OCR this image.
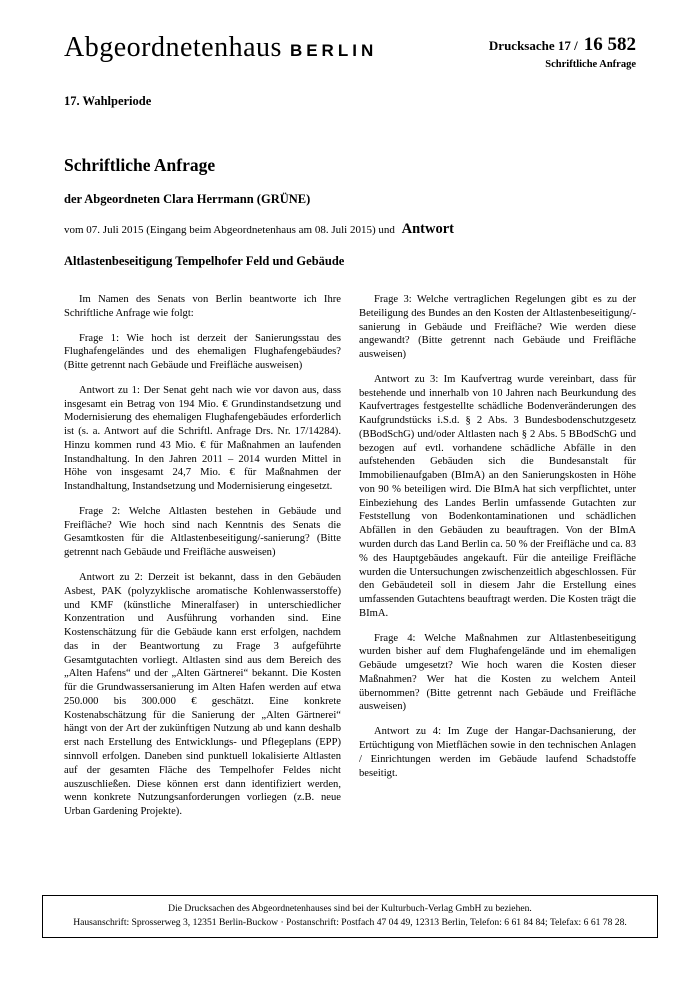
Abgeordnetenhaus BERLIN	Drucksache 17 / 16 582
Schriftliche Anfrage
17. Wahlperiode
Schriftliche Anfrage
der Abgeordneten Clara Herrmann (GRÜNE)
vom 07. Juli 2015 (Eingang beim Abgeordnetenhaus am 08. Juli 2015) und Antwort
Altlastenbeseitigung Tempelhofer Feld und Gebäude

Im Namen des Senats von Berlin beantworte ich Ihre Schriftliche Anfrage wie folgt:

Frage 1: Wie hoch ist derzeit der Sanierungsstau des Flughafengeländes und des ehemaligen Flughafengebäudes? (Bitte getrennt nach Gebäude und Freifläche ausweisen)

Antwort zu 1: Der Senat geht nach wie vor davon aus, dass insgesamt ein Betrag von 194 Mio. € Grundinstandsetzung und Modernisierung des ehemaligen Flughafengebäudes erforderlich ist (s. a. Antwort auf die Schriftl. Anfrage Drs. Nr. 17/14284). Hinzu kommen rund 43 Mio. € für Maßnahmen an laufenden Instandhaltung. In den Jahren 2011 – 2014 wurden Mittel in Höhe von insgesamt 24,7 Mio. € für Maßnahmen der Instandhaltung, Instandsetzung und Modernisierung eingesetzt.

Frage 2: Welche Altlasten bestehen in Gebäude und Freifläche? Wie hoch sind nach Kenntnis des Senats die Gesamtkosten für die Altlastenbeseitigung/-sanierung? (Bitte getrennt nach Gebäude und Freifläche ausweisen)

Antwort zu 2: Derzeit ist bekannt, dass in den Gebäuden Asbest, PAK (polyzyklische aromatische Kohlenwasserstoffe) und KMF (künstliche Mineralfaser) in unterschiedlicher Konzentration und Ausführung vorhanden sind. Eine Kostenschätzung für die Gebäude kann erst erfolgen, nachdem das in der Beantwortung zu Frage 3 aufgeführte Gesamtgutachten vorliegt. Altlasten sind aus dem Bereich des „Alten Hafens“ und der „Alten Gärtnerei“ bekannt. Die Kosten für die Grundwassersanierung im Alten Hafen werden auf etwa 250.000 bis 300.000 € geschätzt. Eine konkrete Kostenabschätzung für die Sanierung der „Alten Gärtnerei“ hängt von der Art der zukünftigen Nutzung ab und kann deshalb erst nach Erstellung des Entwicklungs- und Pflegeplans (EPP) sinnvoll erfolgen. Daneben sind punktuell lokalisierte Altlasten auf der gesamten Fläche des Tempelhofer Feldes nicht auszuschließen. Diese können erst dann identifiziert werden, wenn konkrete Nutzungsanforderungen vorliegen (z.B. neue Urban Gardening Projekte).

Frage 3: Welche vertraglichen Regelungen gibt es zu der Beteiligung des Bundes an den Kosten der Altlastenbeseitigung/-sanierung in Gebäude und Freifläche? Wie werden diese angewandt? (Bitte getrennt nach Gebäude und Freifläche ausweisen)

Antwort zu 3: Im Kaufvertrag wurde vereinbart, dass für bestehende und innerhalb von 10 Jahren nach Beurkundung des Kaufvertrages festgestellte schädliche Bodenveränderungen des Kaufgrundstücks i.S.d. § 2 Abs. 3 Bundesbodenschutzgesetz (BBodSchG) und/oder Altlasten nach § 2 Abs. 5 BBodSchG und bezogen auf evtl. vorhandene schädliche Abfälle in den aufstehenden Gebäuden sich die Bundesanstalt für Immobilienaufgaben (BImA) an den Sanierungskosten in Höhe von 90 % beteiligen wird. Die BImA hat sich verpflichtet, unter Einbeziehung des Landes Berlin umfassende Gutachten zur Feststellung von Bodenkontaminationen und schädlichen Abfällen in den Gebäuden zu beauftragen. Von der BImA wurden durch das Land Berlin ca. 50 % der Freifläche und ca. 83 % des Hauptgebäudes angekauft. Für die anteilige Freifläche wurden die Untersuchungen zwischenzeitlich abgeschlossen. Für den Gebäudeteil soll in diesem Jahr die Erstellung eines umfassenden Gutachtens beauftragt werden. Die Kosten trägt die BImA.

Frage 4: Welche Maßnahmen zur Altlastenbeseitigung wurden bisher auf dem Flughafengelände und im ehemaligen Gebäude umgesetzt? Wie hoch waren die Kosten dieser Maßnahmen? Wer hat die Kosten zu welchem Anteil übernommen? (Bitte getrennt nach Gebäude und Freifläche ausweisen)

Antwort zu 4: Im Zuge der Hangar-Dachsanierung, der Ertüchtigung von Mietflächen sowie in den technischen Anlagen / Einrichtungen werden im Gebäude laufend Schadstoffe beseitigt.

Die Drucksachen des Abgeordnetenhauses sind bei der Kulturbuch-Verlag GmbH zu beziehen.
Hausanschrift: Sprosserweg 3, 12351 Berlin-Buckow · Postanschrift: Postfach 47 04 49, 12313 Berlin, Telefon: 6 61 84 84; Telefax: 6 61 78 28.
